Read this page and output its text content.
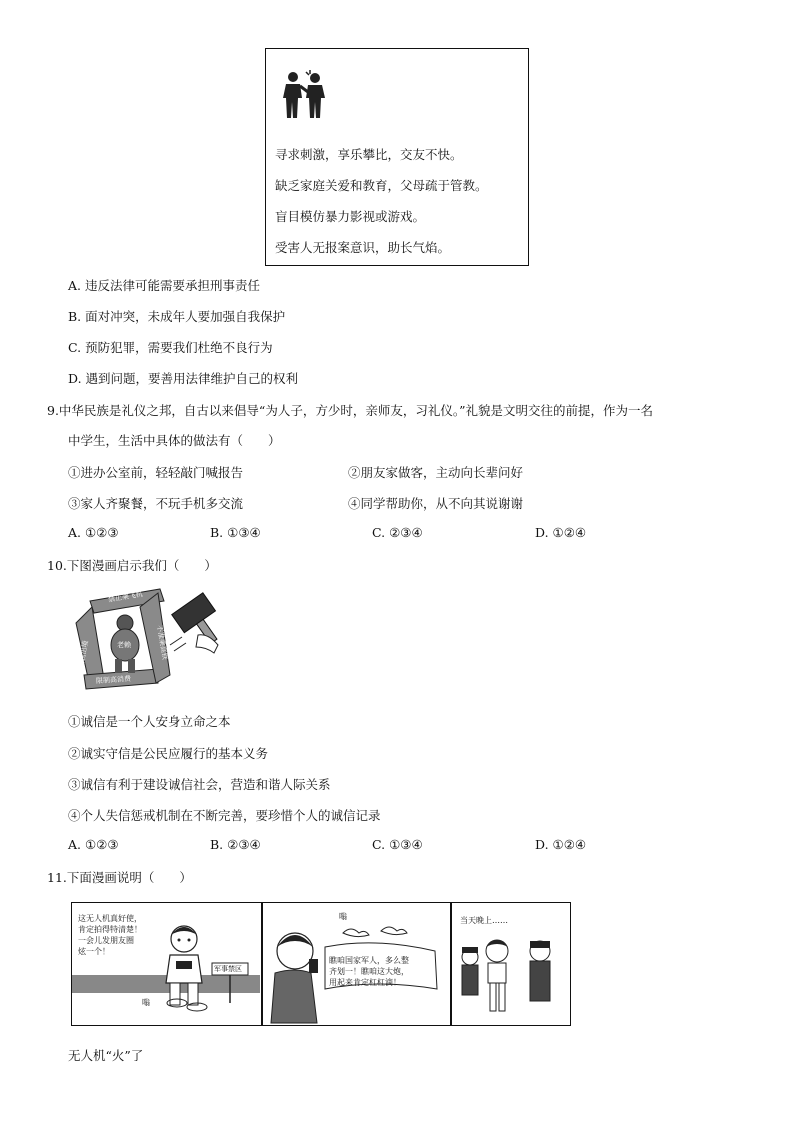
寻求刺激，享乐攀比，交友不快。
缺乏家庭关爱和教育，父母疏于管教。
盲目模仿暴力影视或游戏。
受害人无报案意识，助长气焰。
A. 违反法律可能需要承担刑事责任
B. 面对冲突，未成年人要加强自我保护
C. 预防犯罪，需要我们杜绝不良行为
D. 遇到问题，要善用法律维护自己的权利
9.中华民族是礼仪之邦，自古以来倡导“为人子，方少时，亲师友，习礼仪。”礼貌是文明交往的前提，作为一名
中学生，生活中具体的做法有（　　）
①进办公室前，轻轻敲门喊报告	②朋友家做客，主动向长辈问好
③家人齐聚餐，不玩手机多交流	④同学帮助你，从不向其说谢谢
A. ①②③	B. ①③④	C. ②③④	D. ①②④
10.下图漫画启示我们（　　）
禁止乘飞机
限制出境
限制高消费
不准乘高铁
老赖
①诚信是一个人安身立命之本
②诚实守信是公民应履行的基本义务
③诚信有利于建设诚信社会，营造和谐人际关系
④个人失信惩戒机制在不断完善，要珍惜个人的诚信记录
A. ①②③	B. ②③④	C. ①③④	D. ①②④
11.下面漫画说明（　　）
这无人机真好使，
肯定拍得特清楚！
一会儿发朋友圈
炫一个！
军事禁区
嗡
嗡
瞧咱国家军人，多么整
齐划一！瞧咱这大炮，
用起来肯定杠杠滴！
当天晚上……
无人机“火”了
